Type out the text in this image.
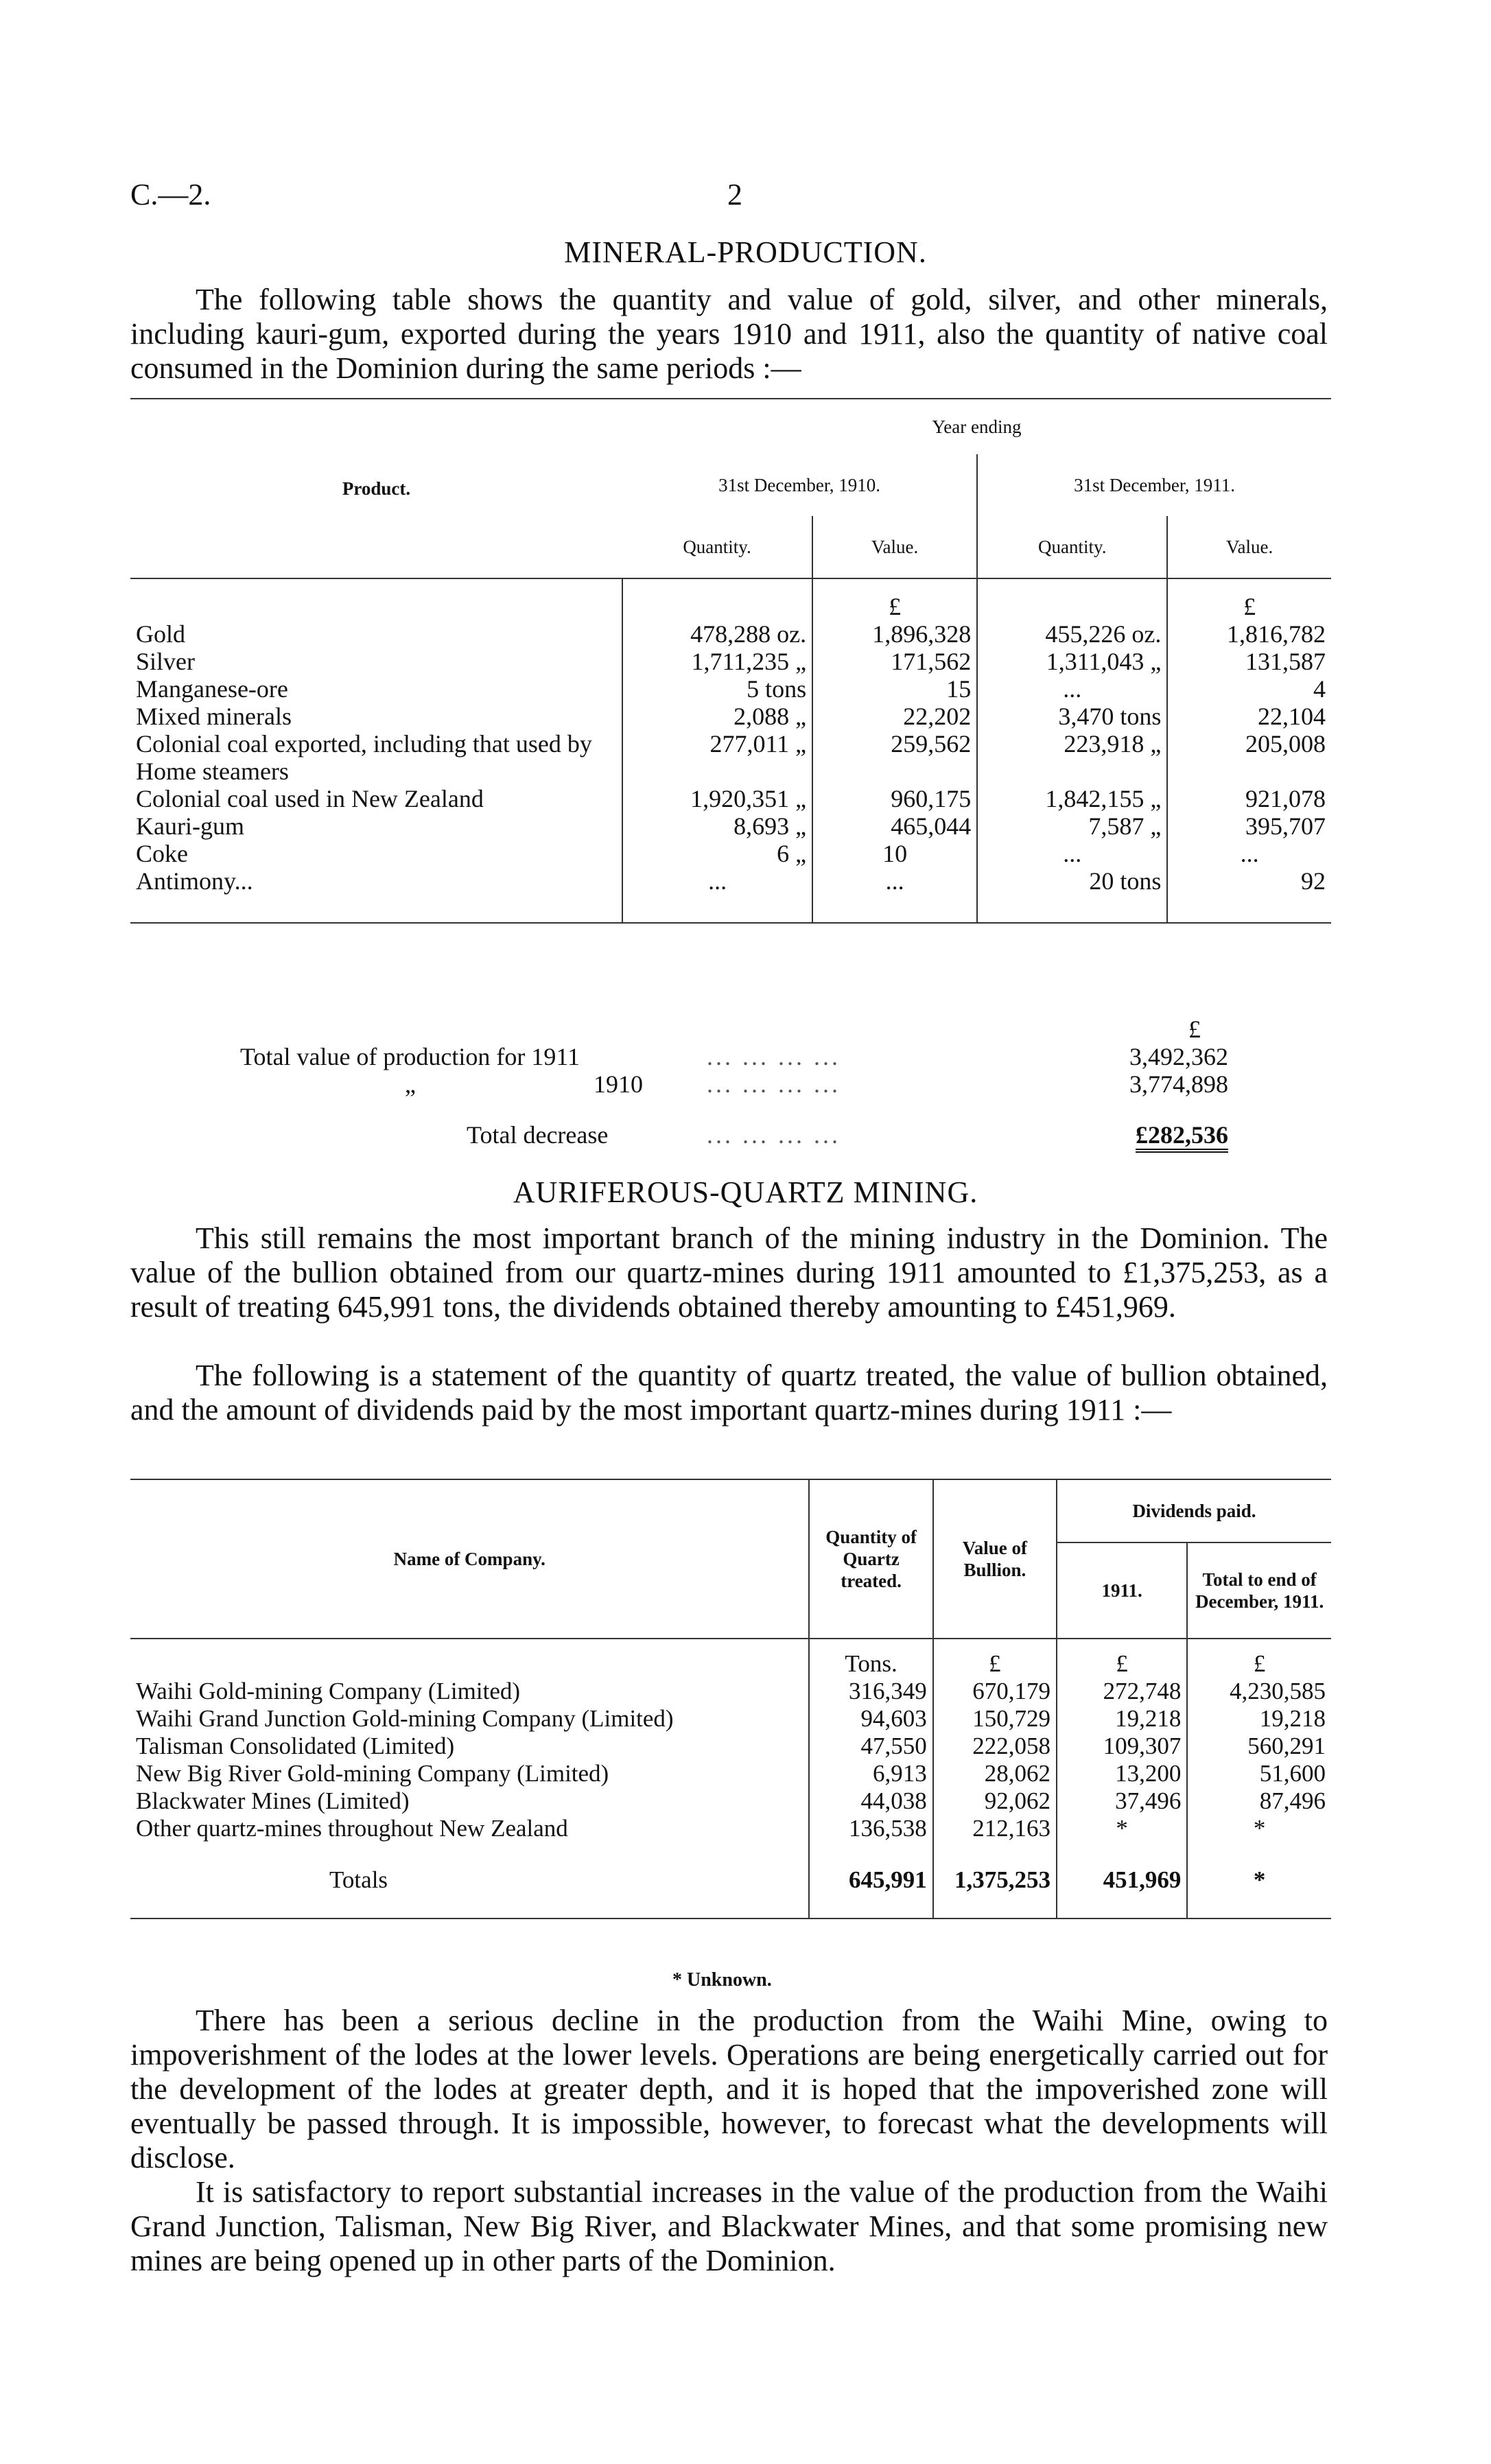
C.—2.	2
MINERAL-PRODUCTION.

The following table shows the quantity and value of gold, silver, and other minerals, including kauri-gum, exported during the years 1910 and 1911, also the quantity of native coal consumed in the Dominion during the same periods :—

Product.	Year ending			
	31st December, 1910.		31st December, 1911.	
	Quantity.	Value.	Quantity.	Value.
		£		£
Gold	478,288 oz.	1,896,328	455,226 oz.	1,816,782
Silver	1,711,235 „	171,562	1,311,043 „	131,587
Manganese-ore	5 tons	15	...	4
Mixed minerals	2,088 „	22,202	3,470 tons	22,104
Colonial coal exported, including that used by Home steamers	277,011 „	259,562	223,918 „	205,008
Colonial coal used in New Zealand	1,920,351 „	960,175	1,842,155 „	921,078
Kauri-gum	8,693 „	465,044	7,587 „	395,707
Coke	6 „	10	...	...
Antimony...	...	...	20 tons	92
£
Total value of production for 1911	... ... ... ...	3,492,362
„	1910	... ... ... ...	3,774,898
Total decrease	... ... ... ...	£282,536
AURIFEROUS-QUARTZ MINING.

This still remains the most important branch of the mining industry in the Dominion. The value of the bullion obtained from our quartz-mines during 1911 amounted to £1,375,253, as a result of treating 645,991 tons, the dividends obtained thereby amounting to £451,969.

The following is a statement of the quantity of quartz treated, the value of bullion obtained, and the amount of dividends paid by the most important quartz-mines during 1911 :—

Name of Company.	Quantity of Quartz treated.	Value of Bullion.	Dividends paid.	
			1911.	Total to end of December, 1911.
	Tons.	£	£	£
Waihi Gold-mining Company (Limited)	316,349	670,179	272,748	4,230,585
Waihi Grand Junction Gold-mining Company (Limited)	94,603	150,729	19,218	19,218
Talisman Consolidated (Limited)	47,550	222,058	109,307	560,291
New Big River Gold-mining Company (Limited)	6,913	28,062	13,200	51,600
Blackwater Mines (Limited)	44,038	92,062	37,496	87,496
Other quartz-mines throughout New Zealand	136,538	212,163	*	*
Totals	645,991	1,375,253	451,969	*
* Unknown.

There has been a serious decline in the production from the Waihi Mine, owing to impoverishment of the lodes at the lower levels. Operations are being energetically carried out for the development of the lodes at greater depth, and it is hoped that the impoverished zone will eventually be passed through. It is impossible, however, to forecast what the developments will disclose.

It is satisfactory to report substantial increases in the value of the production from the Waihi Grand Junction, Talisman, New Big River, and Blackwater Mines, and that some promising new mines are being opened up in other parts of the Dominion.
